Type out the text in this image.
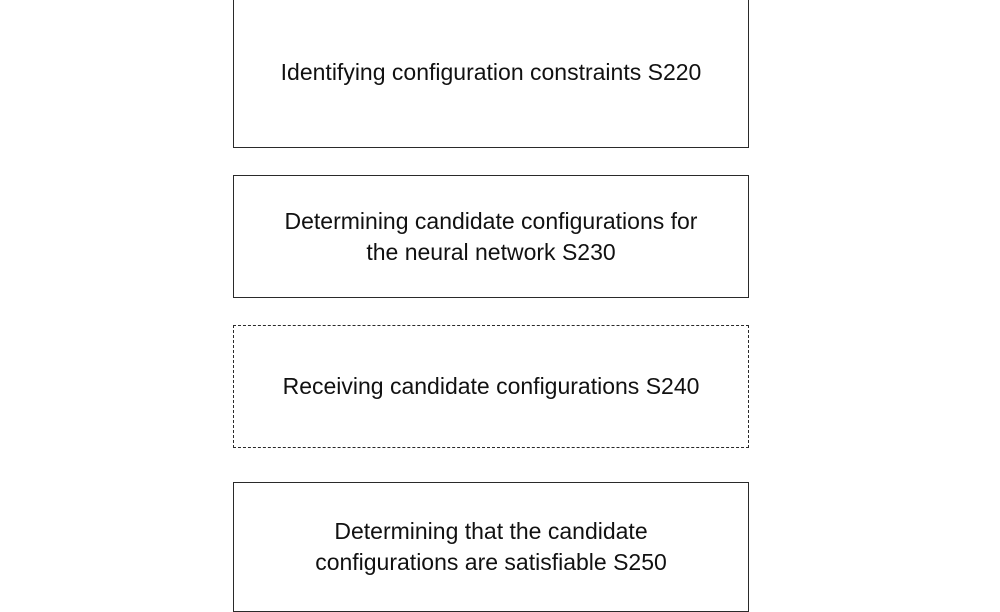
Identifying configuration constraints S220
Determining candidate configurations for
the neural network S230
Receiving candidate configurations S240
Determining that the candidate
configurations are satisfiable S250
